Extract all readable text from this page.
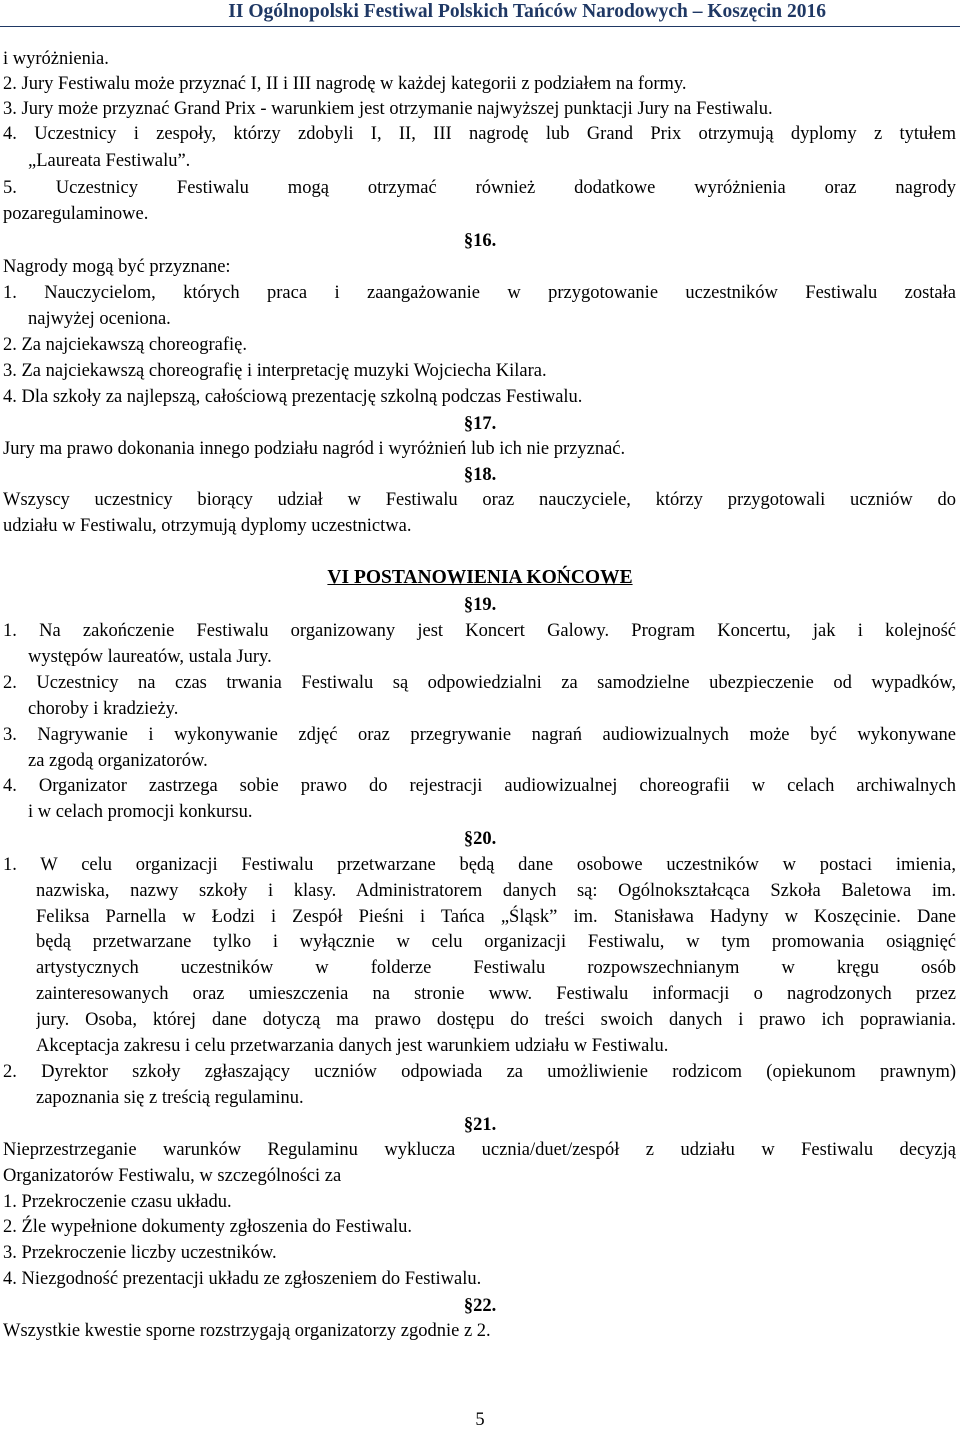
II Ogólnopolski Festiwal Polskich Tańców Narodowych – Koszęcin 2016
i wyróżnienia.
2. Jury Festiwalu może przyznać I, II i III nagrodę w każdej kategorii z podziałem na formy.
3. Jury może przyznać Grand Prix - warunkiem jest otrzymanie najwyższej punktacji Jury na Festiwalu.
4. Uczestnicy i zespoły, którzy zdobyli I, II, III nagrodę lub Grand Prix otrzymują dyplomy z tytułem
„Laureata Festiwalu”.
5. Uczestnicy Festiwalu mogą otrzymać również dodatkowe wyróżnienia oraz nagrody
pozaregulaminowe.
§16.
Nagrody mogą być przyznane:
1. Nauczycielom, których praca i zaangażowanie w przygotowanie uczestników Festiwalu została
najwyżej oceniona.
2. Za najciekawszą choreografię.
3. Za najciekawszą choreografię i interpretację muzyki Wojciecha Kilara.
4. Dla szkoły za najlepszą, całościową prezentację szkolną podczas Festiwalu.
§17.
Jury ma prawo dokonania innego podziału nagród i wyróżnień lub ich nie przyznać.
§18.
Wszyscy uczestnicy biorący udział w Festiwalu oraz nauczyciele, którzy przygotowali uczniów do
udziału w Festiwalu, otrzymują dyplomy uczestnictwa.
VI POSTANOWIENIA KOŃCOWE
§19.
1. Na zakończenie Festiwalu organizowany jest Koncert Galowy. Program Koncertu, jak i kolejność
występów laureatów, ustala Jury.
2. Uczestnicy na czas trwania Festiwalu są odpowiedzialni za samodzielne ubezpieczenie od wypadków,
choroby i kradzieży.
3. Nagrywanie i wykonywanie zdjęć oraz przegrywanie nagrań audiowizualnych może być wykonywane
za zgodą organizatorów.
4. Organizator zastrzega sobie prawo do rejestracji audiowizualnej choreografii w celach archiwalnych
i w celach promocji konkursu.
§20.
1. W celu organizacji Festiwalu przetwarzane będą dane osobowe uczestników w postaci imienia,
nazwiska, nazwy szkoły i klasy. Administratorem danych są: Ogólnokształcąca Szkoła Baletowa im.
Feliksa Parnella w Łodzi i Zespół Pieśni i Tańca „Śląsk” im. Stanisława Hadyny w Koszęcinie. Dane
będą przetwarzane tylko i wyłącznie w celu organizacji Festiwalu, w tym promowania osiągnięć
artystycznych uczestników w folderze Festiwalu rozpowszechnianym w kręgu osób
zainteresowanych oraz umieszczenia na stronie www. Festiwalu informacji o nagrodzonych przez
jury. Osoba, której dane dotyczą ma prawo dostępu do treści swoich danych i prawo ich poprawiania.
Akceptacja zakresu i celu przetwarzania danych jest warunkiem udziału w Festiwalu.
2. Dyrektor szkoły zgłaszający uczniów odpowiada za umożliwienie rodzicom (opiekunom prawnym)
zapoznania się z treścią regulaminu.
§21.
Nieprzestrzeganie warunków Regulaminu wyklucza ucznia/duet/zespół z udziału w Festiwalu decyzją
Organizatorów Festiwalu, w szczególności za
1. Przekroczenie czasu układu.
2. Źle wypełnione dokumenty zgłoszenia do Festiwalu.
3. Przekroczenie liczby uczestników.
4. Niezgodność prezentacji układu ze zgłoszeniem do Festiwalu.
§22.
Wszystkie kwestie sporne rozstrzygają organizatorzy zgodnie z 2.
5
